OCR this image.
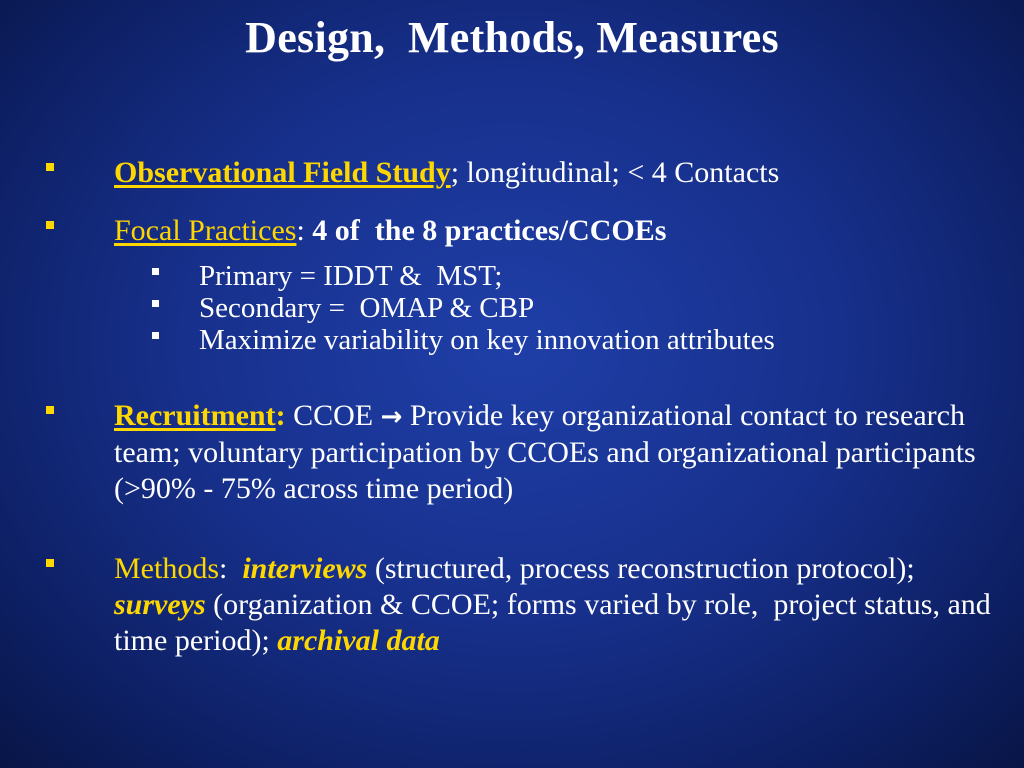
Design,  Methods, Measures
Observational Field Study; longitudinal; < 4 Contacts
Focal Practices: 4 of  the 8 practices/CCOEs
Primary = IDDT &  MST;
Secondary =  OMAP & CBP
Maximize variability on key innovation attributes
Recruitment: CCOE → Provide key organizational contact to research team; voluntary participation by CCOEs and organizational participants (>90% - 75% across time period)
Methods:  interviews (structured, process reconstruction protocol); surveys (organization & CCOE; forms varied by role,  project status, and time period); archival data
